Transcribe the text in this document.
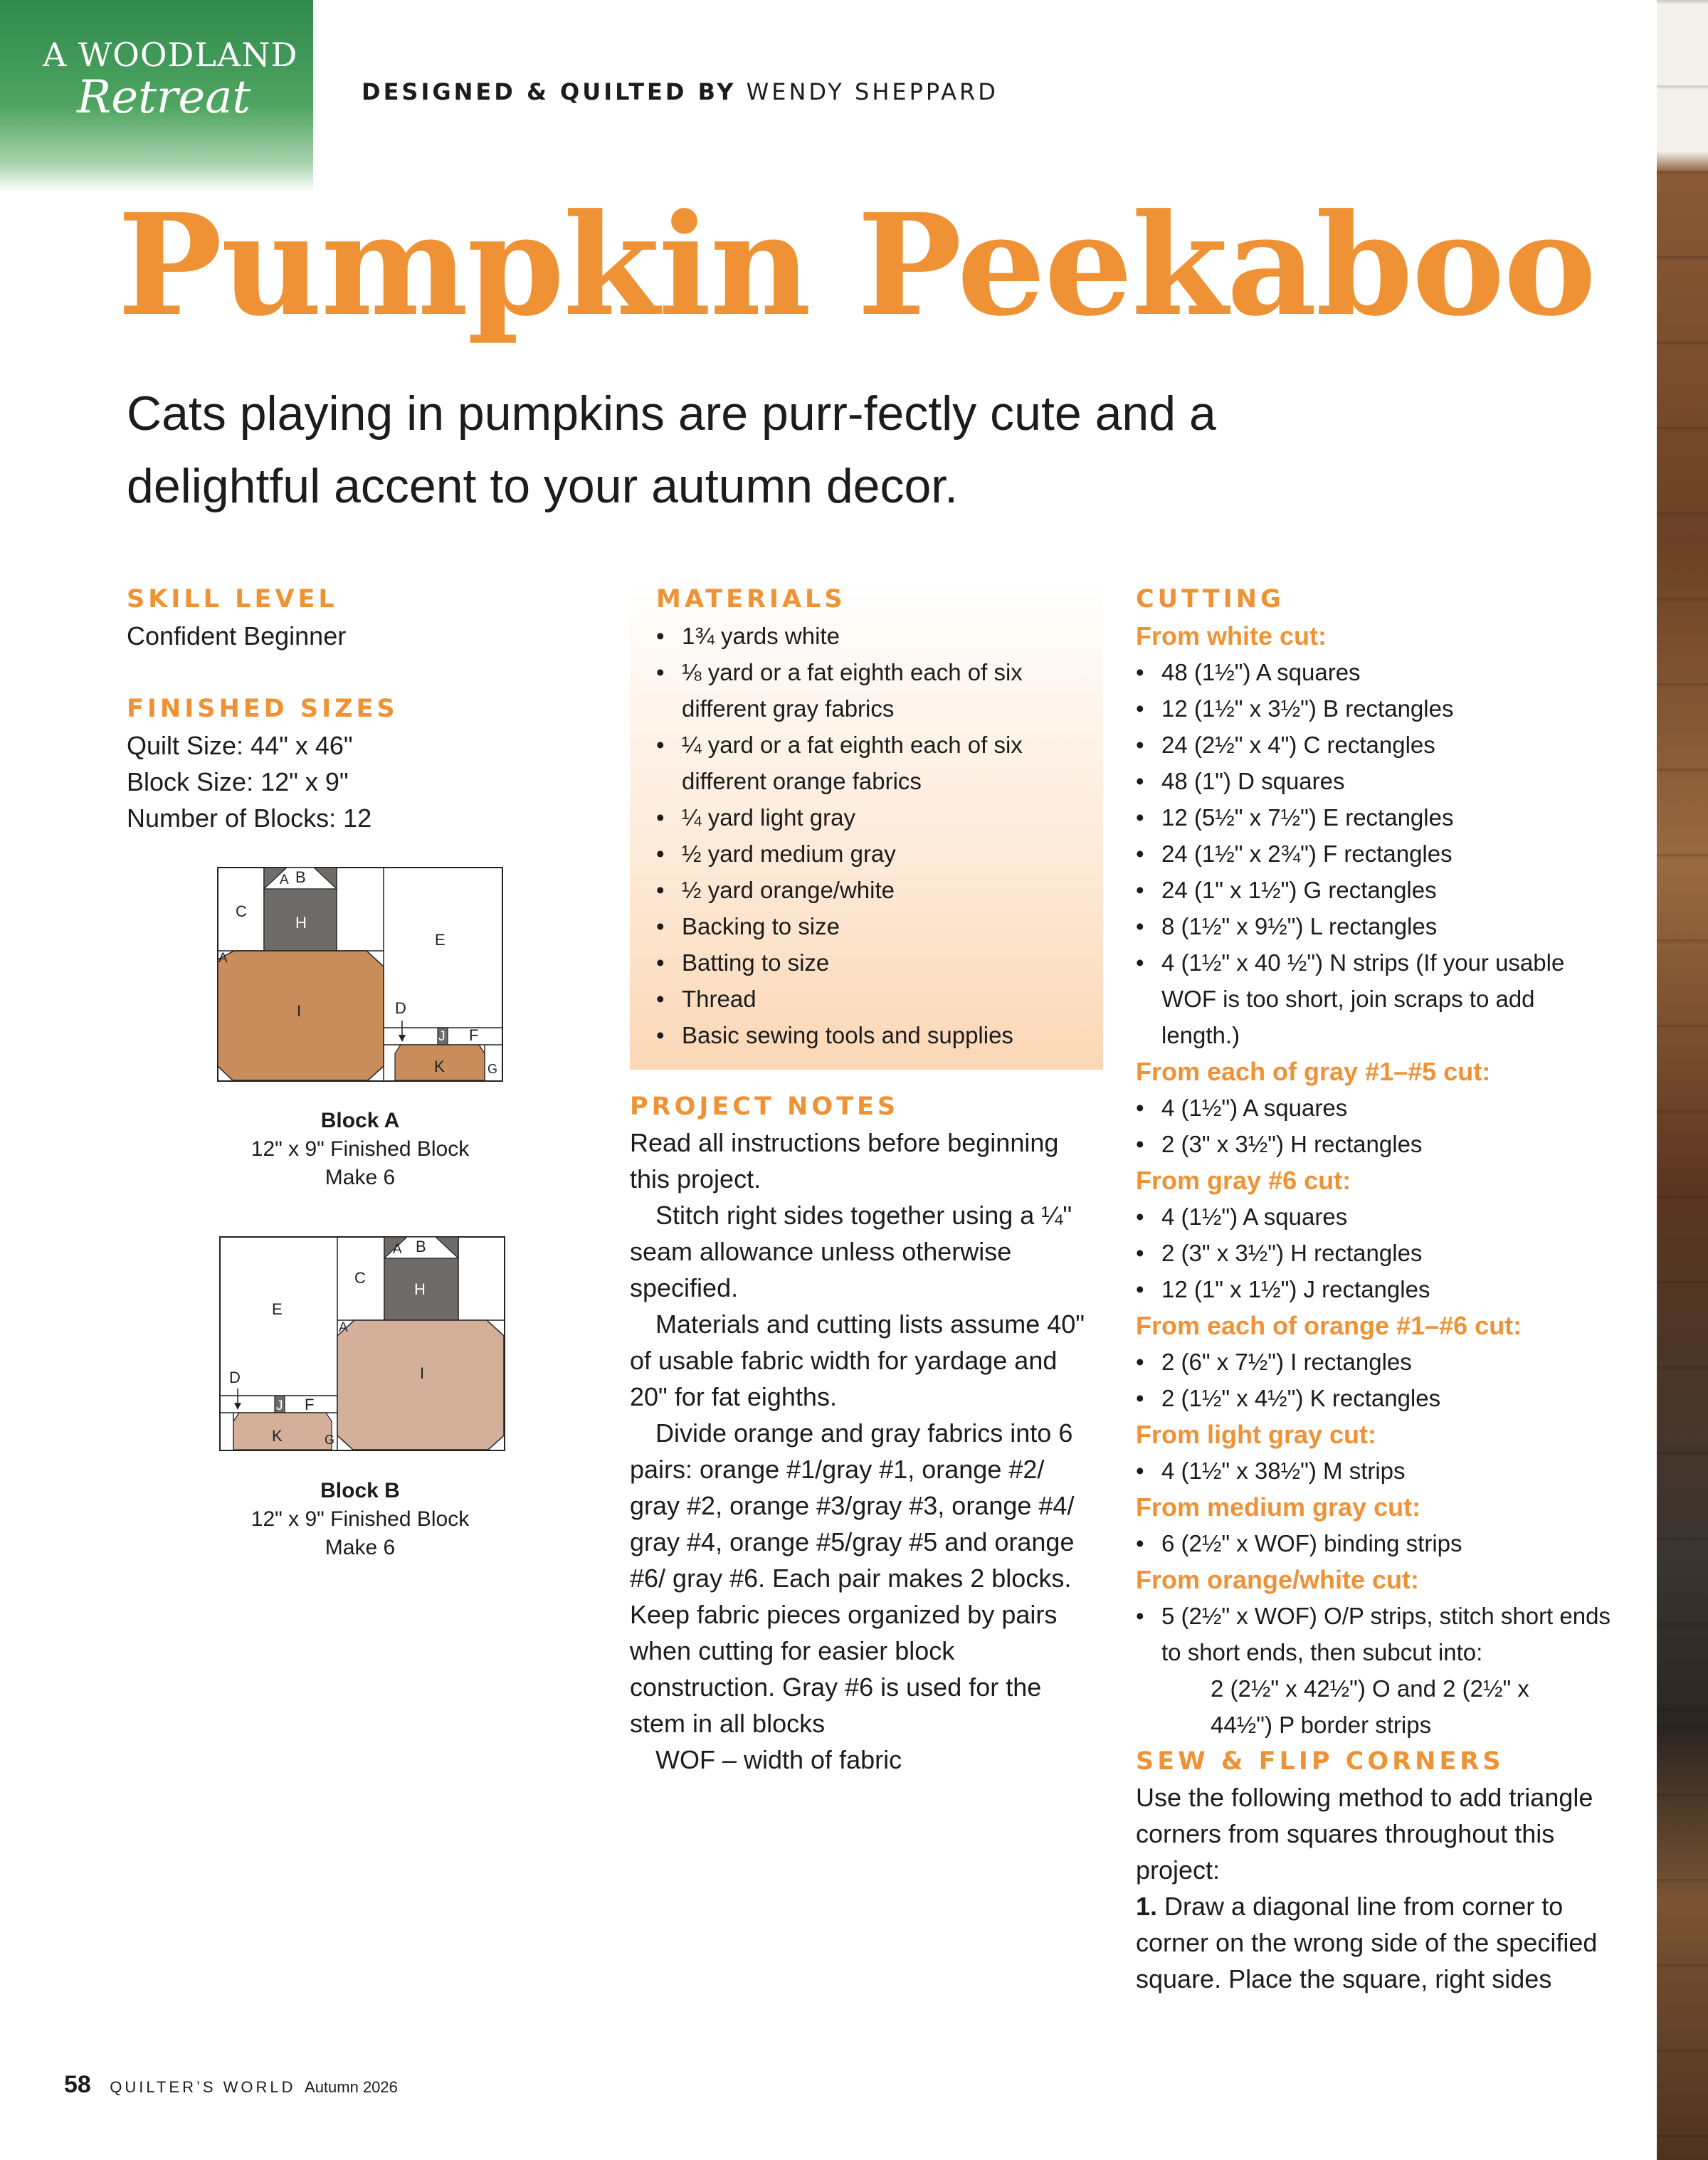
A WOODLAND
Retreat	DESIGNED & QUILTED BY WENDY SHEPPARD
Pumpkin Peekaboo
Cats playing in pumpkins are purr-fectly cute and a delightful accent to your autumn decor.
SKILL LEVEL
Confident Beginner
FINISHED SIZES
Quilt Size: 44" x 46"
Block Size: 12" x 9"
Number of Blocks: 12
A B
C
H
A
E
I	D
J F
K	G
Block A
12" x 9" Finished Block
Make 6
A B
C
H
E
A
I
D
J F
K	G
Block B
12" x 9" Finished Block
Make 6
MATERIALS
• 1¾ yards white
• ⅛ yard or a fat eighth each of six different gray fabrics
• ¼ yard or a fat eighth each of six different orange fabrics
• ¼ yard light gray
• ½ yard medium gray
• ½ yard orange/white
• Backing to size
• Batting to size
• Thread
• Basic sewing tools and supplies
PROJECT NOTES
Read all instructions before beginning this project.
Stitch right sides together using a ¼" seam allowance unless otherwise specified.
Materials and cutting lists assume 40" of usable fabric width for yardage and 20" for fat eighths.
Divide orange and gray fabrics into 6 pairs: orange #1/gray #1, orange #2/ gray #2, orange #3/gray #3, orange #4/ gray #4, orange #5/gray #5 and orange #6/ gray #6. Each pair makes 2 blocks. Keep fabric pieces organized by pairs when cutting for easier block construction. Gray #6 is used for the stem in all blocks
WOF – width of fabric
CUTTING
From white cut:
• 48 (1½") A squares
• 12 (1½" x 3½") B rectangles
• 24 (2½" x 4") C rectangles
• 48 (1") D squares
• 12 (5½" x 7½") E rectangles
• 24 (1½" x 2¾") F rectangles
• 24 (1" x 1½") G rectangles
• 8 (1½" x 9½") L rectangles
• 4 (1½" x 40 ½") N strips (If your usable WOF is too short, join scraps to add length.)
From each of gray #1–#5 cut:
• 4 (1½") A squares
• 2 (3" x 3½") H rectangles
From gray #6 cut:
• 4 (1½") A squares
• 2 (3" x 3½") H rectangles
• 12 (1" x 1½") J rectangles
From each of orange #1–#6 cut:
• 2 (6" x 7½") I rectangles
• 2 (1½" x 4½") K rectangles
From light gray cut:
• 4 (1½" x 38½") M strips
From medium gray cut:
• 6 (2½" x WOF) binding strips
From orange/white cut:
• 5 (2½" x WOF) O/P strips, stitch short ends to short ends, then subcut into:
2 (2½" x 42½") O and 2 (2½" x 44½") P border strips
SEW & FLIP CORNERS
Use the following method to add triangle corners from squares throughout this project:
1. Draw a diagonal line from corner to corner on the wrong side of the specified square. Place the square, right sides
58 QUILTER’S WORLD Autumn 2026
